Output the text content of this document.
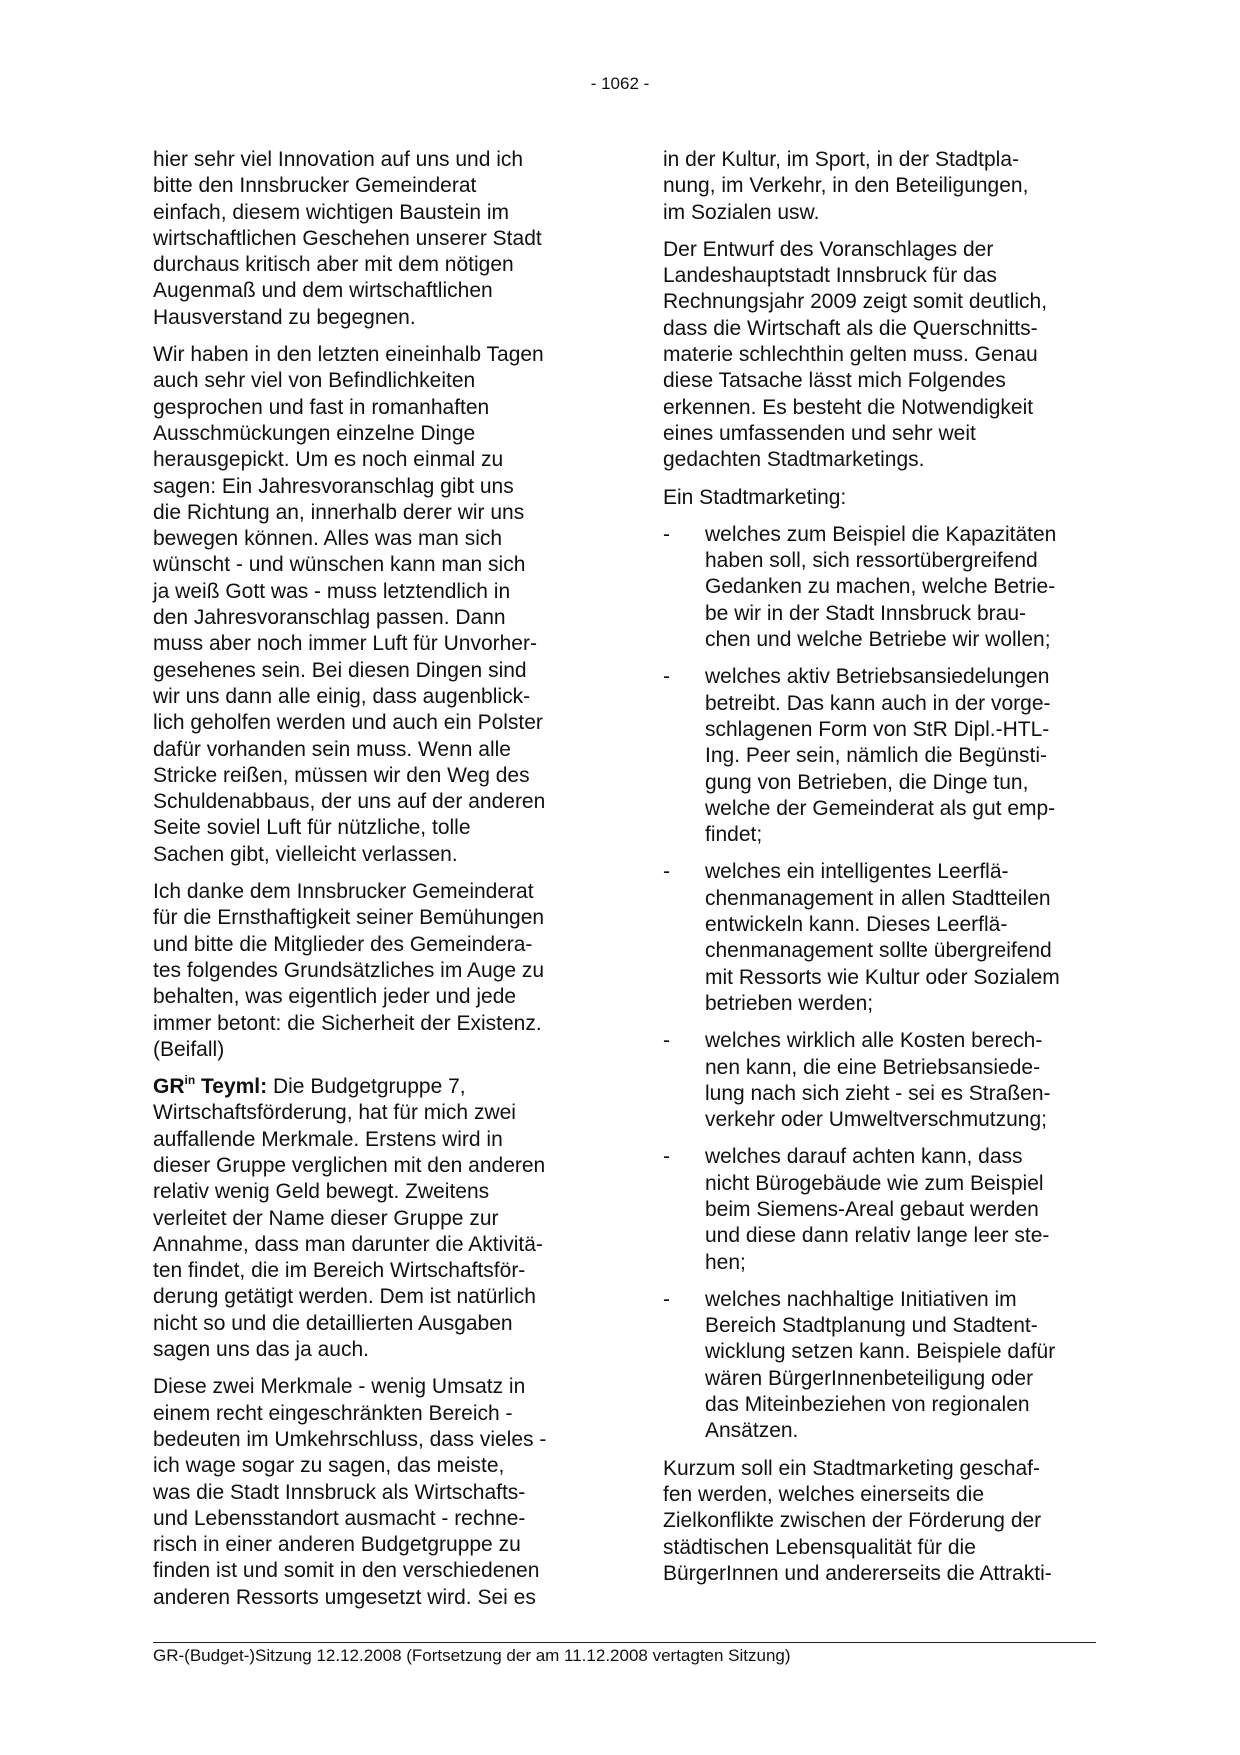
- 1062 -

hier sehr viel Innovation auf uns und ich
bitte den Innsbrucker Gemeinderat
einfach, diesem wichtigen Baustein im
wirtschaftlichen Geschehen unserer Stadt
durchaus kritisch aber mit dem nötigen
Augenmaß und dem wirtschaftlichen
Hausverstand zu begegnen.

Wir haben in den letzten eineinhalb Tagen
auch sehr viel von Befindlichkeiten
gesprochen und fast in romanhaften
Ausschmückungen einzelne Dinge
herausgepickt. Um es noch einmal zu
sagen: Ein Jahresvoranschlag gibt uns
die Richtung an, innerhalb derer wir uns
bewegen können. Alles was man sich
wünscht - und wünschen kann man sich
ja weiß Gott was - muss letztendlich in
den Jahresvoranschlag passen. Dann
muss aber noch immer Luft für Unvorher-
gesehenes sein. Bei diesen Dingen sind
wir uns dann alle einig, dass augenblick-
lich geholfen werden und auch ein Polster
dafür vorhanden sein muss. Wenn alle
Stricke reißen, müssen wir den Weg des
Schuldenabbaus, der uns auf der anderen
Seite soviel Luft für nützliche, tolle
Sachen gibt, vielleicht verlassen.

Ich danke dem Innsbrucker Gemeinderat
für die Ernsthaftigkeit seiner Bemühungen
und bitte die Mitglieder des Gemeindera-
tes folgendes Grundsätzliches im Auge zu
behalten, was eigentlich jeder und jede
immer betont: die Sicherheit der Existenz.
(Beifall)

$GR^{in}$ Teyml: Die Budgetgruppe 7,
Wirtschaftsförderung, hat für mich zwei
auffallende Merkmale. Erstens wird in
dieser Gruppe verglichen mit den anderen
relativ wenig Geld bewegt. Zweitens
verleitet der Name dieser Gruppe zur
Annahme, dass man darunter die Aktivitä-
ten findet, die im Bereich Wirtschaftsför-
derung getätigt werden. Dem ist natürlich
nicht so und die detaillierten Ausgaben
sagen uns das ja auch.

Diese zwei Merkmale - wenig Umsatz in
einem recht eingeschränkten Bereich -
bedeuten im Umkehrschluss, dass vieles -
ich wage sogar zu sagen, das meiste,
was die Stadt Innsbruck als Wirtschafts-
und Lebensstandort ausmacht - rechne-
risch in einer anderen Budgetgruppe zu
finden ist und somit in den verschiedenen
anderen Ressorts umgesetzt wird. Sei es

in der Kultur, im Sport, in der Stadtpla-
nung, im Verkehr, in den Beteiligungen,
im Sozialen usw.

Der Entwurf des Voranschlages der
Landeshauptstadt Innsbruck für das
Rechnungsjahr 2009 zeigt somit deutlich,
dass die Wirtschaft als die Querschnitts-
materie schlechthin gelten muss. Genau
diese Tatsache lässt mich Folgendes
erkennen. Es besteht die Notwendigkeit
eines umfassenden und sehr weit
gedachten Stadtmarketings.

Ein Stadtmarketing:

- welches zum Beispiel die Kapazitäten
haben soll, sich ressortübergreifend
Gedanken zu machen, welche Betrie-
be wir in der Stadt Innsbruck brau-
chen und welche Betriebe wir wollen;
- welches aktiv Betriebsansiedelungen
betreibt. Das kann auch in der vorge-
schlagenen Form von StR Dipl.-HTL-
Ing. Peer sein, nämlich die Begünsti-
gung von Betrieben, die Dinge tun,
welche der Gemeinderat als gut emp-
findet;
- welches ein intelligentes Leerflä-
chenmanagement in allen Stadtteilen
entwickeln kann. Dieses Leerflä-
chenmanagement sollte übergreifend
mit Ressorts wie Kultur oder Sozialem
betrieben werden;
- welches wirklich alle Kosten berech-
nen kann, die eine Betriebsansiede-
lung nach sich zieht - sei es Straßen-
verkehr oder Umweltverschmutzung;
- welches darauf achten kann, dass
nicht Bürogebäude wie zum Beispiel
beim Siemens-Areal gebaut werden
und diese dann relativ lange leer ste-
hen;
- welches nachhaltige Initiativen im
Bereich Stadtplanung und Stadtent-
wicklung setzen kann. Beispiele dafür
wären BürgerInnenbeteiligung oder
das Miteinbeziehen von regionalen
Ansätzen.

Kurzum soll ein Stadtmarketing geschaf-
fen werden, welches einerseits die
Zielkonflikte zwischen der Förderung der
städtischen Lebensqualität für die
BürgerInnen und andererseits die Attrakti-

GR-(Budget-)Sitzung 12.12.2008 (Fortsetzung der am 11.12.2008 vertagten Sitzung)
